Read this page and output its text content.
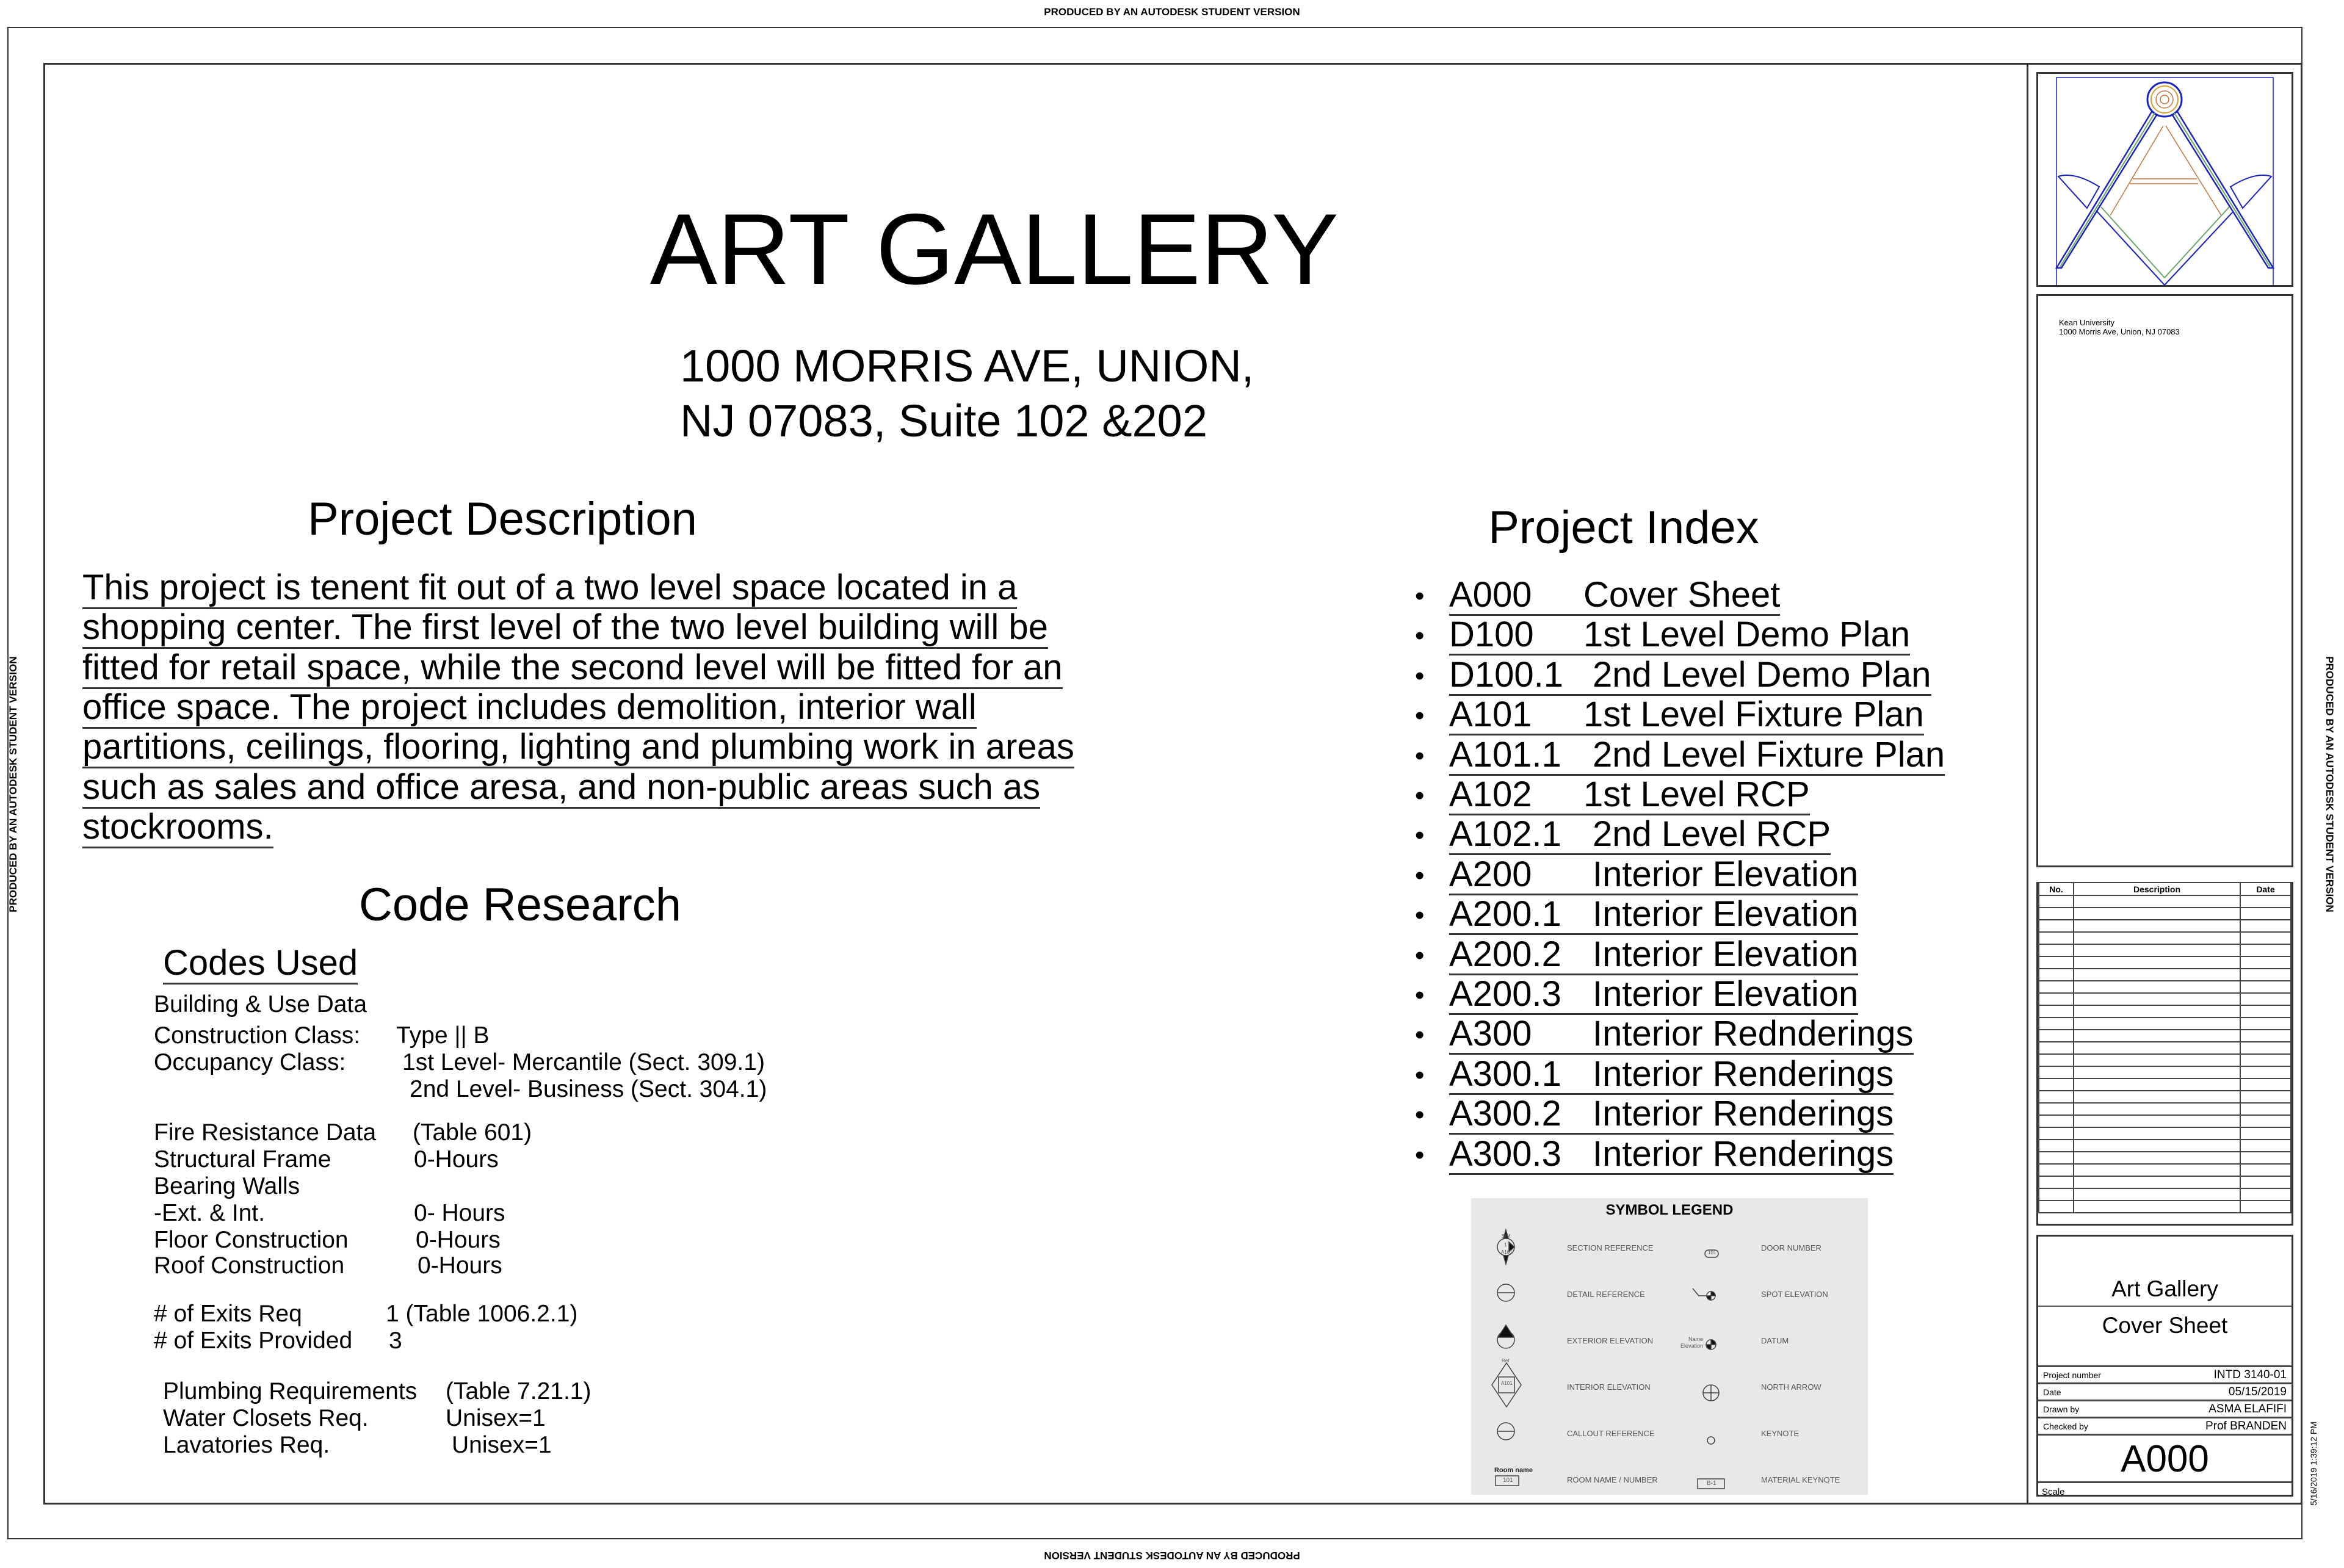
PRODUCED BY AN AUTODESK STUDENT VERSION
PRODUCED BY AN AUTODESK STUDENT VERSION
PRODUCED BY AN AUTODESK STUDENT VERSION	PRODUCED BY AN AUTODESK STUDENT VERSION
5/16/2019 1:39:12 PM
ART GALLERY
1000 MORRIS AVE, UNION,
NJ 07083, Suite 102 &202
Project Description
This project is tenent fit out of a two level space located in a
shopping center. The first level of the two level building will be
fitted for retail space, while the second level will be fitted for an
office space. The project includes demolition, interior wall
partitions, ceilings, flooring, lighting and plumbing work in areas
such as sales and office aresa, and non-public areas such as
stockrooms.
Code Research
Codes Used
Building & Use Data
Construction Class: Type || B
Occupancy Class: 1st Level- Mercantile (Sect. 309.1)
2nd Level- Business (Sect. 304.1)
Fire Resistance Data (Table 601)
Structural Frame	0-Hours
Bearing Walls
-Ext. & Int.	0- Hours
Floor Construction	0-Hours
Roof Construction	0-Hours
# of Exits Req	1 (Table 1006.2.1)
# of Exits Provided 3
Plumbing Requirements (Table 7.21.1)
Water Closets Req.	Unisex=1
Lavatories Req.	Unisex=1
Project Index
• A000 Cover Sheet
• D100 1st Level Demo Plan
• D100.1 2nd Level Demo Plan
• A101 1st Level Fixture Plan
• A101.1 2nd Level Fixture Plan
• A102 1st Level RCP
• A102.1 2nd Level RCP
• A200 Interior Elevation
• A200.1 Interior Elevation
• A200.2 Interior Elevation
• A200.3 Interior Elevation
• A300 Interior Rednderings
• A300.1 Interior Renderings
• A300.2 Interior Renderings
• A300.3 Interior Renderings
SYMBOL LEGEND
SIM
A101
1
A101
Ref
Room name
101	B-1
101
Name
Elevation
SECTION REFERENCE	DOOR NUMBER
DETAIL REFERENCE	SPOT ELEVATION
EXTERIOR ELEVATION	DATUM
INTERIOR ELEVATION	NORTH ARROW
CALLOUT REFERENCE	KEYNOTE
ROOM NAME / NUMBER	MATERIAL KEYNOTE
Kean University
1000 Morris Ave, Union, NJ 07083
No.	Description	Date

Art Gallery
Cover Sheet
Project number	INTD 3140-01
Date	05/15/2019
Drawn by	ASMA ELAFIFI
Checked by	Prof BRANDEN
A000
Scale
